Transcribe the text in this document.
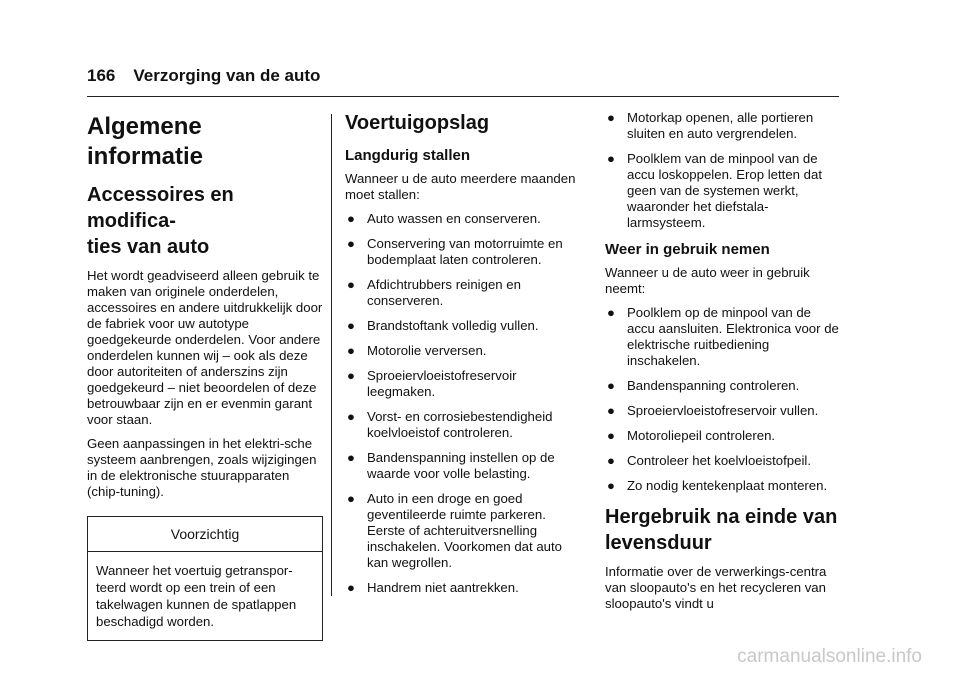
166 Verzorging van de auto
Algemene informatie
Accessoires en modifica-
ties van auto

Het wordt geadviseerd alleen gebruik te maken van originele onderdelen, accessoires en andere uitdrukkelijk door de fabriek voor uw autotype goedgekeurde onderdelen. Voor andere onderdelen kunnen wij – ook als deze door autoriteiten of anderszins zijn goedgekeurd – niet beoordelen of deze betrouwbaar zijn en er evenmin garant voor staan.

Geen aanpassingen in het elektri-sche systeem aanbrengen, zoals wijzigingen in de elektronische stuurapparaten (chip-tuning).

Voorzichtig
Wanneer het voertuig getranspor-teerd wordt op een trein of een takelwagen kunnen de spatlappen beschadigd worden.
Voertuigopslag
Langdurig stallen

Wanneer u de auto meerdere maanden moet stallen:

● Auto wassen en conserveren.
● Conservering van motorruimte en bodemplaat laten controleren.
● Afdichtrubbers reinigen en conserveren.
● Brandstoftank volledig vullen.
● Motorolie verversen.
● Sproeiervloeistofreservoir leegmaken.
● Vorst- en corrosiebestendigheid koelvloeistof controleren.
● Bandenspanning instellen op de waarde voor volle belasting.
● Auto in een droge en goed geventileerde ruimte parkeren. Eerste of achteruitversnelling inschakelen. Voorkomen dat auto kan wegrollen.
● Handrem niet aantrekken.
● Motorkap openen, alle portieren sluiten en auto vergrendelen.
● Poolklem van de minpool van de accu loskoppelen. Erop letten dat geen van de systemen werkt, waaronder het diefstala-larmsysteem.
Weer in gebruik nemen

Wanneer u de auto weer in gebruik neemt:

● Poolklem op de minpool van de accu aansluiten. Elektronica voor de elektrische ruitbediening inschakelen.
● Bandenspanning controleren.
● Sproeiervloeistofreservoir vullen.
● Motoroliepeil controleren.
● Controleer het koelvloeistofpeil.
● Zo nodig kentekenplaat monteren.
Hergebruik na einde van
levensduur

Informatie over de verwerkings-centra van sloopauto's en het recycleren van sloopauto's vindt u

carmanualsonline.info
